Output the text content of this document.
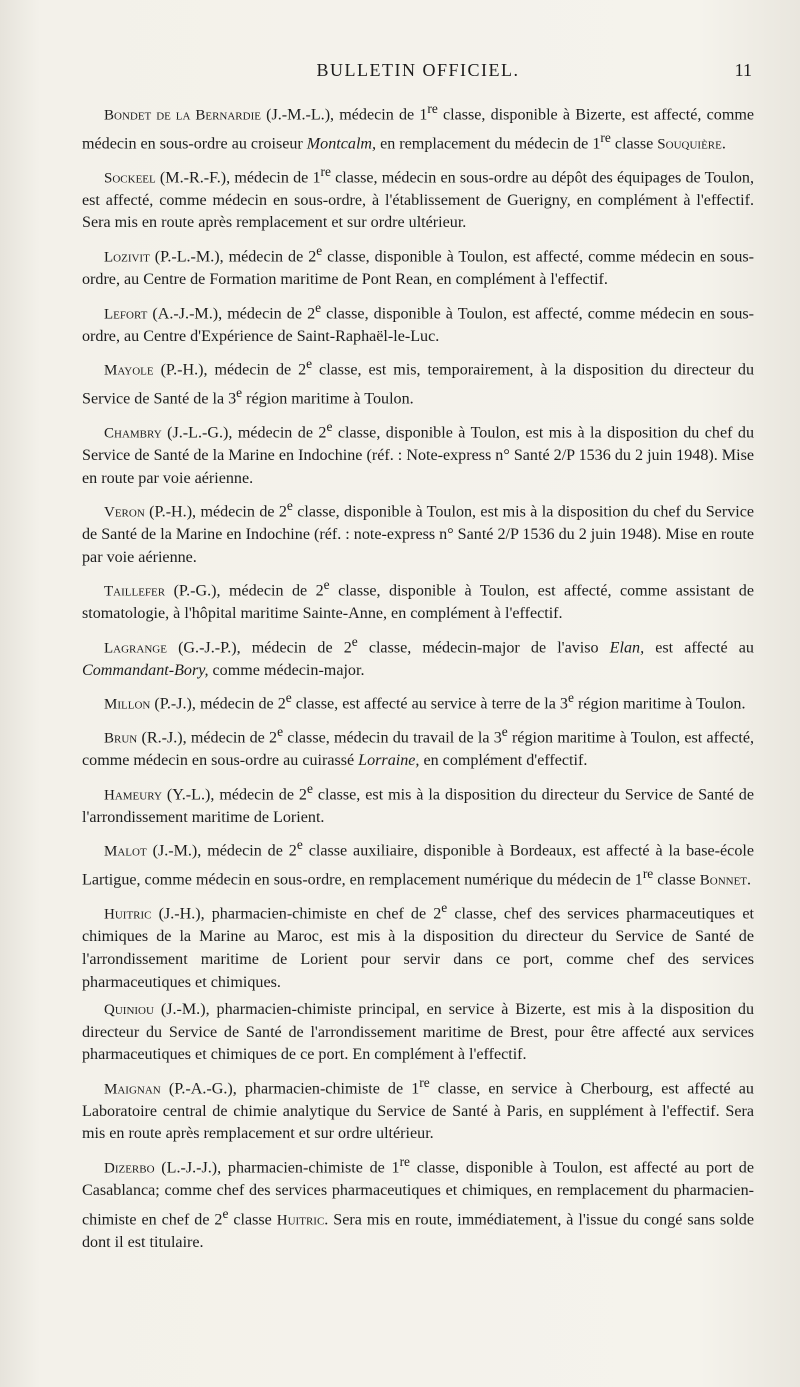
BULLETIN OFFICIEL.	11

Bondet de la Bernardie (J.-M.-L.), médecin de 1re classe, disponible à Bizerte, est affecté, comme médecin en sous-ordre au croiseur Montcalm, en remplacement du médecin de 1re classe Souquière.

Sockeel (M.-R.-F.), médecin de 1re classe, médecin en sous-ordre au dépôt des équipages de Toulon, est affecté, comme médecin en sous-ordre, à l'établissement de Guerigny, en complément à l'effectif. Sera mis en route après remplacement et sur ordre ultérieur.

Lozivit (P.-L.-M.), médecin de 2e classe, disponible à Toulon, est affecté, comme médecin en sous-ordre, au Centre de Formation maritime de Pont Rean, en complément à l'effectif.

Lefort (A.-J.-M.), médecin de 2e classe, disponible à Toulon, est affecté, comme médecin en sous-ordre, au Centre d'Expérience de Saint-Raphaël-le-Luc.

Mayole (P.-H.), médecin de 2e classe, est mis, temporairement, à la disposition du directeur du Service de Santé de la 3e région maritime à Toulon.

Chambry (J.-L.-G.), médecin de 2e classe, disponible à Toulon, est mis à la disposition du chef du Service de Santé de la Marine en Indochine (réf. : Note-express n° Santé 2/P 1536 du 2 juin 1948). Mise en route par voie aérienne.

Veron (P.-H.), médecin de 2e classe, disponible à Toulon, est mis à la disposition du chef du Service de Santé de la Marine en Indochine (réf. : note-express n° Santé 2/P 1536 du 2 juin 1948). Mise en route par voie aérienne.

Taillefer (P.-G.), médecin de 2e classe, disponible à Toulon, est affecté, comme assistant de stomatologie, à l'hôpital maritime Sainte-Anne, en complément à l'effectif.

Lagrange (G.-J.-P.), médecin de 2e classe, médecin-major de l'aviso Elan, est affecté au Commandant-Bory, comme médecin-major.

Millon (P.-J.), médecin de 2e classe, est affecté au service à terre de la 3e région maritime à Toulon.

Brun (R.-J.), médecin de 2e classe, médecin du travail de la 3e région maritime à Toulon, est affecté, comme médecin en sous-ordre au cuirassé Lorraine, en complément d'effectif.

Hameury (Y.-L.), médecin de 2e classe, est mis à la disposition du directeur du Service de Santé de l'arrondissement maritime de Lorient.

Malot (J.-M.), médecin de 2e classe auxiliaire, disponible à Bordeaux, est affecté à la base-école Lartigue, comme médecin en sous-ordre, en remplacement numérique du médecin de 1re classe Bonnet.

Huitric (J.-H.), pharmacien-chimiste en chef de 2e classe, chef des services pharmaceutiques et chimiques de la Marine au Maroc, est mis à la disposition du directeur du Service de Santé de l'arrondissement maritime de Lorient pour servir dans ce port, comme chef des services pharmaceutiques et chimiques.

Quiniou (J.-M.), pharmacien-chimiste principal, en service à Bizerte, est mis à la disposition du directeur du Service de Santé de l'arrondissement maritime de Brest, pour être affecté aux services pharmaceutiques et chimiques de ce port. En complément à l'effectif.

Maignan (P.-A.-G.), pharmacien-chimiste de 1re classe, en service à Cherbourg, est affecté au Laboratoire central de chimie analytique du Service de Santé à Paris, en supplément à l'effectif. Sera mis en route après remplacement et sur ordre ultérieur.

Dizerbo (L.-J.-J.), pharmacien-chimiste de 1re classe, disponible à Toulon, est affecté au port de Casablanca; comme chef des services pharmaceutiques et chimiques, en remplacement du pharmacien-chimiste en chef de 2e classe Huitric. Sera mis en route, immédiatement, à l'issue du congé sans solde dont il est titulaire.
